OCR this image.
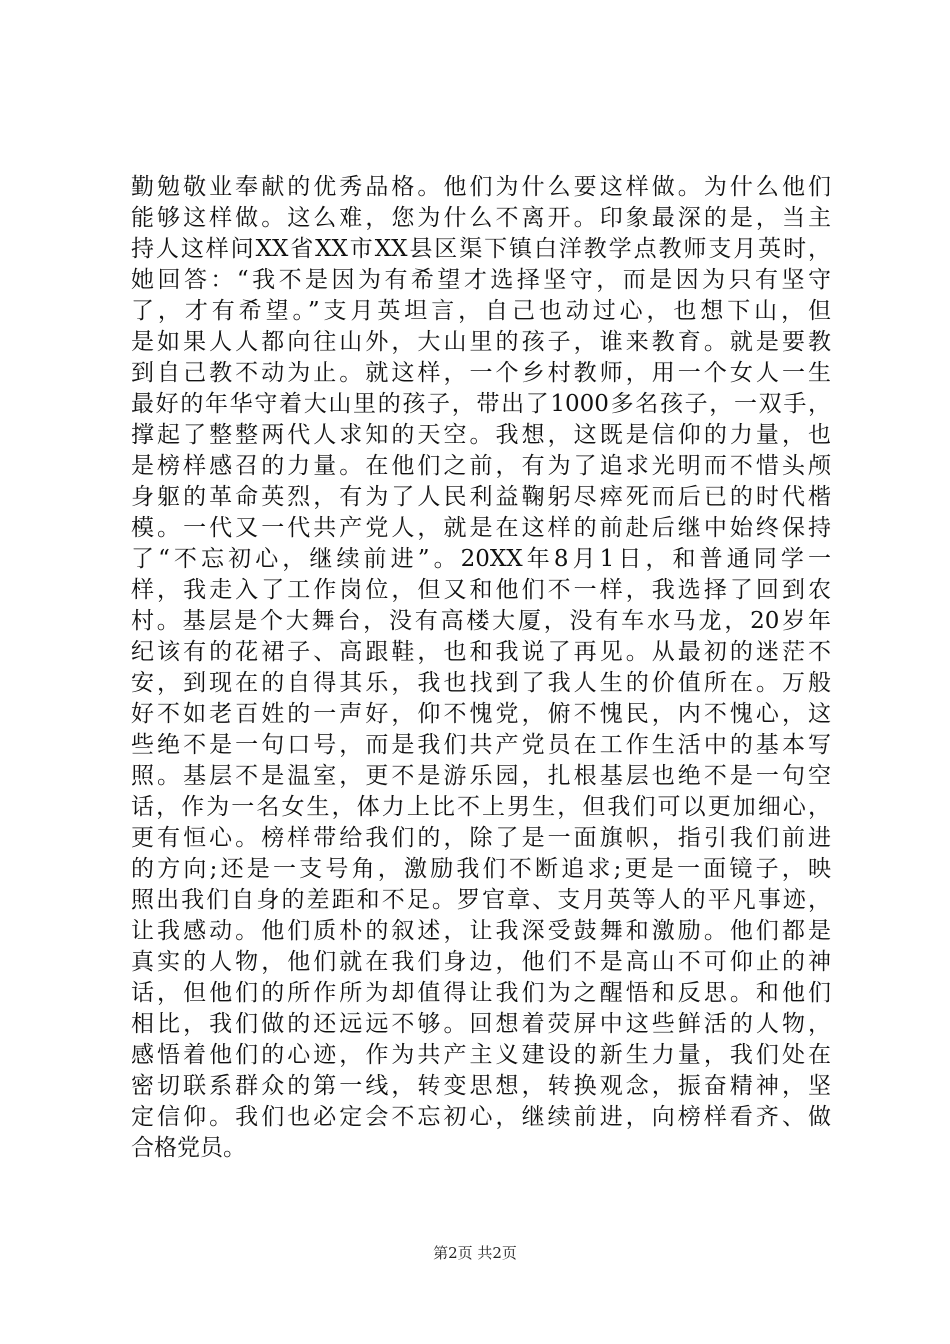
勤勉敬业奉献的优秀品格。他们为什么要这样做。为什么他们
能够这样做。这么难，您为什么不离开。印象最深的是，当主
持人这样问XX省XX市XX县区渠下镇白洋教学点教师支月英时，
她回答：“我不是因为有希望才选择坚守，而是因为只有坚守
了，才有希望。”支月英坦言，自己也动过心，也想下山，但
是如果人人都向往山外，大山里的孩子，谁来教育。就是要教
到自己教不动为止。就这样，一个乡村教师，用一个女人一生
最好的年华守着大山里的孩子，带出了1000多名孩子，一双手，
撑起了整整两代人求知的天空。我想，这既是信仰的力量，也
是榜样感召的力量。在他们之前，有为了追求光明而不惜头颅
身躯的革命英烈，有为了人民利益鞠躬尽瘁死而后已的时代楷
模。一代又一代共产党人，就是在这样的前赴后继中始终保持
了“不忘初心，继续前进”。20XX年8月1日，和普通同学一
样，我走入了工作岗位，但又和他们不一样，我选择了回到农
村。基层是个大舞台，没有高楼大厦，没有车水马龙，20岁年
纪该有的花裙子、高跟鞋，也和我说了再见。从最初的迷茫不
安，到现在的自得其乐，我也找到了我人生的价值所在。万般
好不如老百姓的一声好，仰不愧党，俯不愧民，内不愧心，这
些绝不是一句口号，而是我们共产党员在工作生活中的基本写
照。基层不是温室，更不是游乐园，扎根基层也绝不是一句空
话，作为一名女生，体力上比不上男生，但我们可以更加细心，
更有恒心。榜样带给我们的，除了是一面旗帜，指引我们前进
的方向;还是一支号角，激励我们不断追求;更是一面镜子，映
照出我们自身的差距和不足。罗官章、支月英等人的平凡事迹，
让我感动。他们质朴的叙述，让我深受鼓舞和激励。他们都是
真实的人物，他们就在我们身边，他们不是高山不可仰止的神
话，但他们的所作所为却值得让我们为之醒悟和反思。和他们
相比，我们做的还远远不够。回想着荧屏中这些鲜活的人物，
感悟着他们的心迹，作为共产主义建设的新生力量，我们处在
密切联系群众的第一线，转变思想，转换观念，振奋精神，坚
定信仰。我们也必定会不忘初心，继续前进，向榜样看齐、做
合格党员。
第2页 共2页
